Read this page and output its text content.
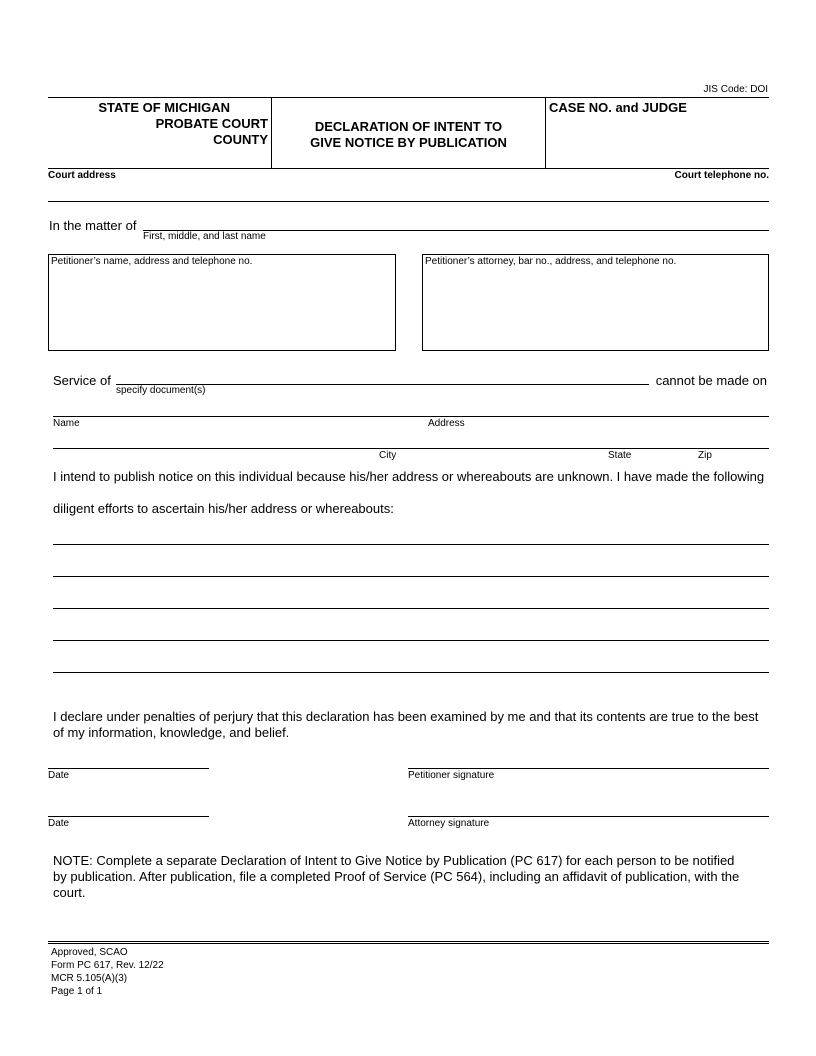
JIS Code: DOI
STATE OF MICHIGAN
PROBATE COURT
COUNTY
DECLARATION OF INTENT TO
GIVE NOTICE BY PUBLICATION
CASE NO. and JUDGE
Court address	Court telephone no.
In the matter of
First, middle, and last name
Petitioner’s name, address and telephone no.	Petitioner’s attorney, bar no., address, and telephone no.
Service of
specify document(s)
cannot be made on
Name	Address
City	State	Zip
I intend to publish notice on this individual because his/her address or whereabouts are unknown. I have made the following
diligent efforts to ascertain his/her address or whereabouts:
I declare under penalties of perjury that this declaration has been examined by me and that its contents are true to the best
of my information, knowledge, and belief.
Date	Petitioner signature
Date	Attorney signature
NOTE: Complete a separate Declaration of Intent to Give Notice by Publication (PC 617) for each person to be notified
by publication. After publication, file a completed Proof of Service (PC 564), including an affidavit of publication, with the
court.
Approved, SCAO
Form PC 617, Rev. 12/22
MCR 5.105(A)(3)
Page 1 of 1
